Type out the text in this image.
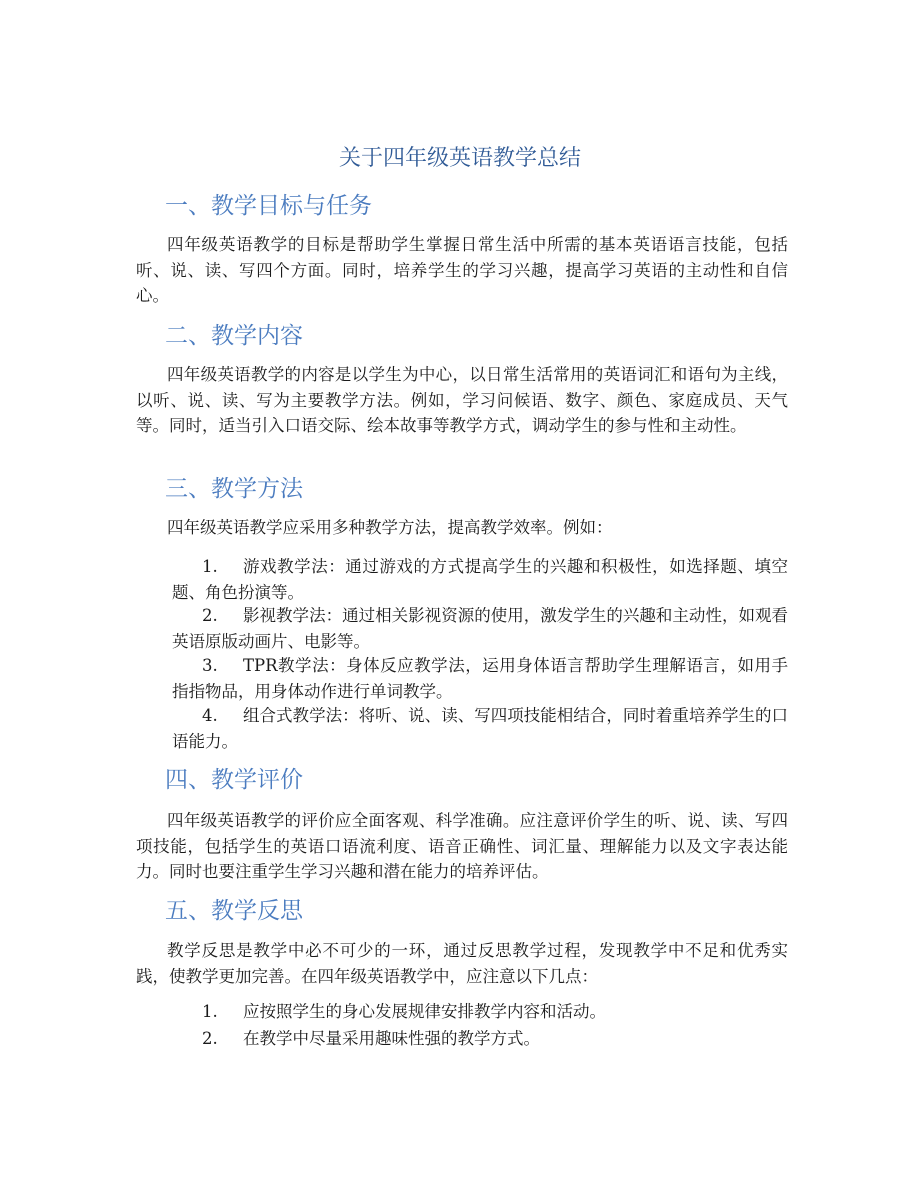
关于四年级英语教学总结
一、教学目标与任务

四年级英语教学的目标是帮助学生掌握日常生活中所需的基本英语语言技能，包括听、说、读、写四个方面。同时，培养学生的学习兴趣，提高学习英语的主动性和自信心。

二、教学内容

四年级英语教学的内容是以学生为中心，以日常生活常用的英语词汇和语句为主线，以听、说、读、写为主要教学方法。例如，学习问候语、数字、颜色、家庭成员、天气等。同时，适当引入口语交际、绘本故事等教学方式，调动学生的参与性和主动性。

三、教学方法

四年级英语教学应采用多种教学方法，提高教学效率。例如：

1.	游戏教学法：通过游戏的方式提高学生的兴趣和积极性，如选择题、填空题、角色扮演等。
2.	影视教学法：通过相关影视资源的使用，激发学生的兴趣和主动性，如观看英语原版动画片、电影等。
3.	TPR教学法：身体反应教学法，运用身体语言帮助学生理解语言，如用手指指物品，用身体动作进行单词教学。
4.	组合式教学法：将听、说、读、写四项技能相结合，同时着重培养学生的口语能力。
四、教学评价

四年级英语教学的评价应全面客观、科学准确。应注意评价学生的听、说、读、写四项技能，包括学生的英语口语流利度、语音正确性、词汇量、理解能力以及文字表达能力。同时也要注重学生学习兴趣和潜在能力的培养评估。

五、教学反思

教学反思是教学中必不可少的一环，通过反思教学过程，发现教学中不足和优秀实践，使教学更加完善。在四年级英语教学中，应注意以下几点：

1.	应按照学生的身心发展规律安排教学内容和活动。
2.	在教学中尽量采用趣味性强的教学方式。
